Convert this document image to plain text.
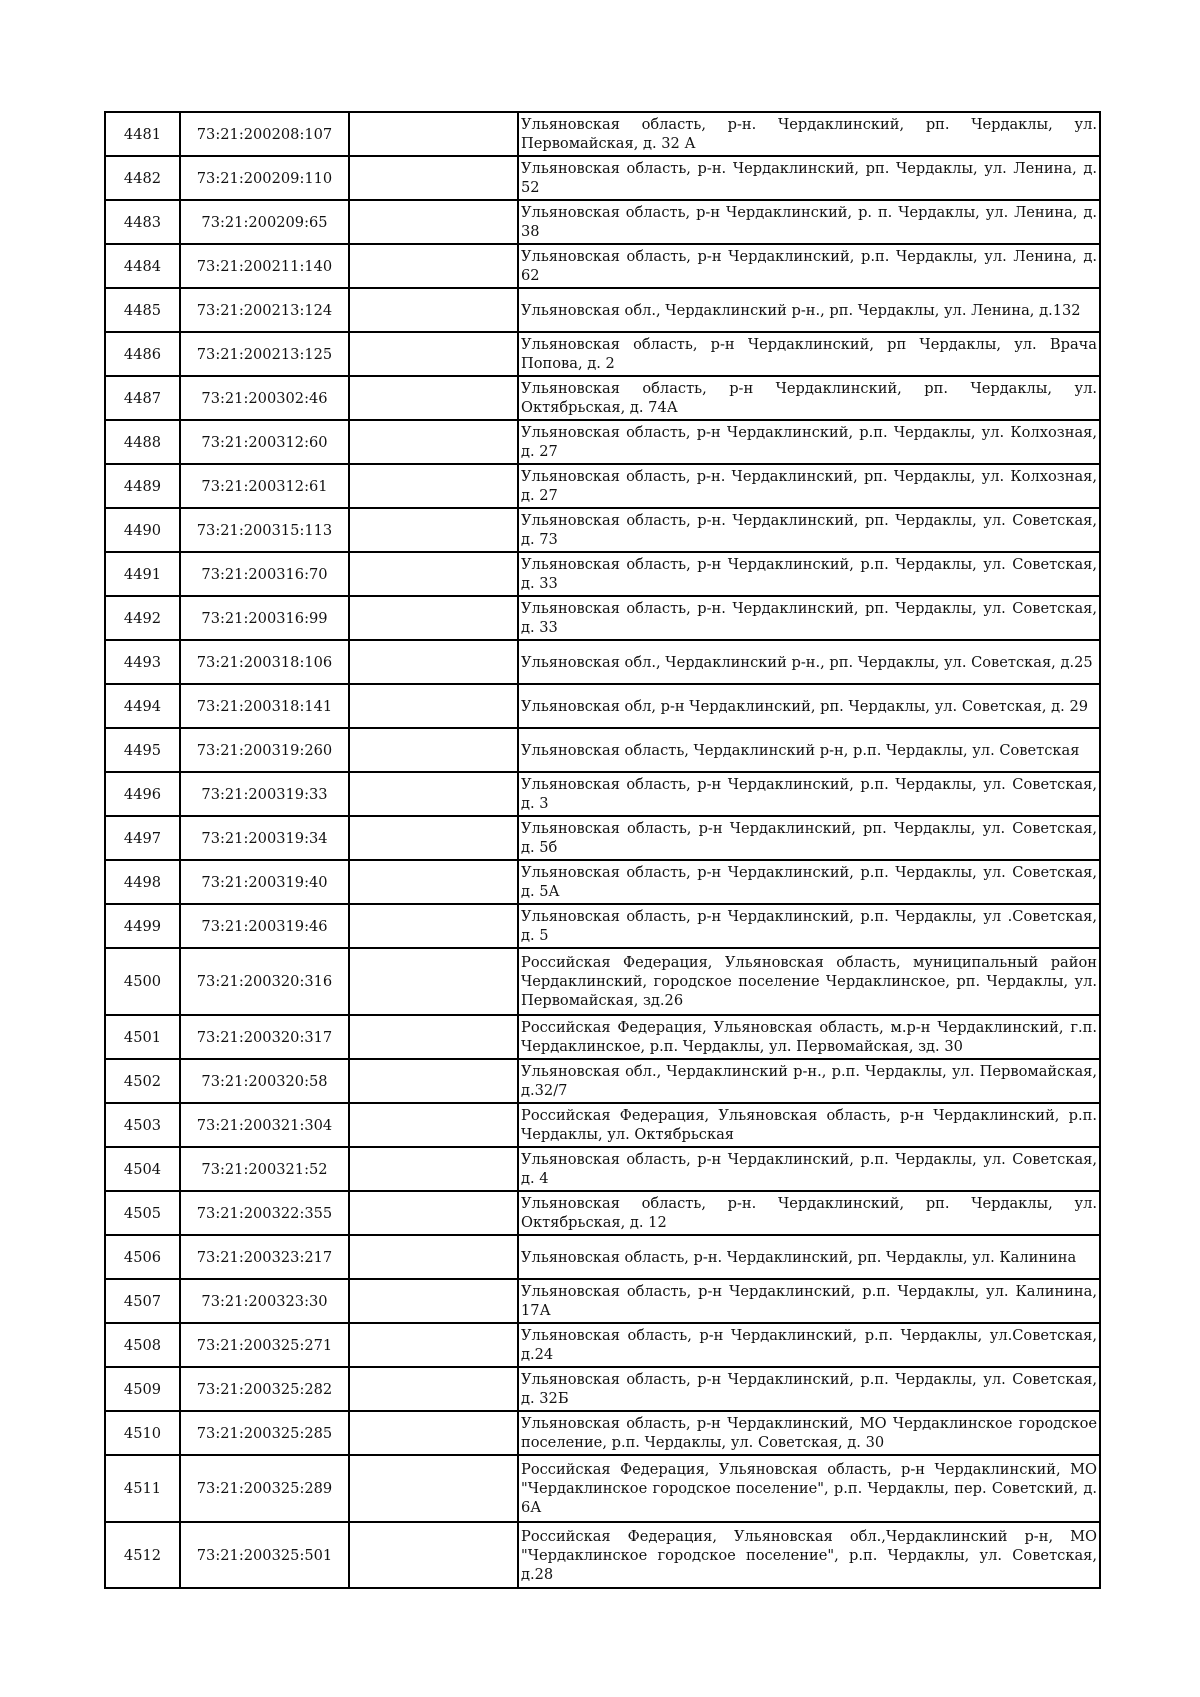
4481	73:21:200208:107		Ульяновская область, р-н. Чердаклинский, рп. Чердаклы, ул. Первомайская, д. 32 А
4482	73:21:200209:110		Ульяновская область, р-н. Чердаклинский, рп. Чердаклы, ул. Ленина, д. 52
4483	73:21:200209:65		Ульяновская область, р-н Чердаклинский, р. п. Чердаклы, ул. Ленина, д. 38
4484	73:21:200211:140		Ульяновская область, р-н Чердаклинский, р.п. Чердаклы, ул. Ленина, д. 62
4485	73:21:200213:124		Ульяновская обл., Чердаклинский р-н., рп. Чердаклы, ул. Ленина, д.132
4486	73:21:200213:125		Ульяновская область, р-н Чердаклинский, рп Чердаклы, ул. Врача Попова, д. 2
4487	73:21:200302:46		Ульяновская область, р-н Чердаклинский, рп. Чердаклы, ул. Октябрьская, д. 74А
4488	73:21:200312:60		Ульяновская область, р-н Чердаклинский, р.п. Чердаклы, ул. Колхозная, д. 27
4489	73:21:200312:61		Ульяновская область, р-н. Чердаклинский, рп. Чердаклы, ул. Колхозная, д. 27
4490	73:21:200315:113		Ульяновская область, р-н. Чердаклинский, рп. Чердаклы, ул. Советская, д. 73
4491	73:21:200316:70		Ульяновская область, р-н Чердаклинский, р.п. Чердаклы, ул. Советская, д. 33
4492	73:21:200316:99		Ульяновская область, р-н. Чердаклинский, рп. Чердаклы, ул. Советская, д. 33
4493	73:21:200318:106		Ульяновская обл., Чердаклинский р-н., рп. Чердаклы, ул. Советская, д.25
4494	73:21:200318:141		Ульяновская обл, р-н Чердаклинский, рп. Чердаклы, ул. Советская, д. 29
4495	73:21:200319:260		Ульяновская область, Чердаклинский р-н, р.п. Чердаклы, ул. Советская
4496	73:21:200319:33		Ульяновская область, р-н Чердаклинский, р.п. Чердаклы, ул. Советская, д. 3
4497	73:21:200319:34		Ульяновская область, р-н Чердаклинский, рп. Чердаклы, ул. Советская, д. 5б
4498	73:21:200319:40		Ульяновская область, р-н Чердаклинский, р.п. Чердаклы, ул. Советская, д. 5А
4499	73:21:200319:46		Ульяновская область, р-н Чердаклинский, р.п. Чердаклы, ул .Советская, д. 5
4500	73:21:200320:316		Российская Федерация, Ульяновская область, муниципальный район Чердаклинский, городское поселение Чердаклинское, рп. Чердаклы, ул. Первомайская, зд.26
4501	73:21:200320:317		Российская Федерация, Ульяновская область, м.р-н Чердаклинский, г.п. Чердаклинское, р.п. Чердаклы, ул. Первомайская, зд. 30
4502	73:21:200320:58		Ульяновская обл., Чердаклинский р-н., р.п. Чердаклы, ул. Первомайская, д.32/7
4503	73:21:200321:304		Российская Федерация, Ульяновская область, р-н Чердаклинский, р.п. Чердаклы, ул. Октябрьская
4504	73:21:200321:52		Ульяновская область, р-н Чердаклинский, р.п. Чердаклы, ул. Советская, д. 4
4505	73:21:200322:355		Ульяновская область, р-н. Чердаклинский, рп. Чердаклы, ул. Октябрьская, д. 12
4506	73:21:200323:217		Ульяновская область, р-н. Чердаклинский, рп. Чердаклы, ул. Калинина
4507	73:21:200323:30		Ульяновская область, р-н Чердаклинский, р.п. Чердаклы, ул. Калинина, 17А
4508	73:21:200325:271		Ульяновская область, р-н Чердаклинский, р.п. Чердаклы, ул.Советская, д.24
4509	73:21:200325:282		Ульяновская область, р-н Чердаклинский, р.п. Чердаклы, ул. Советская, д. 32Б
4510	73:21:200325:285		Ульяновская область, р-н Чердаклинский, МО Чердаклинское городское поселение, р.п. Чердаклы, ул. Советская, д. 30
4511	73:21:200325:289		Российская Федерация, Ульяновская область, р-н Чердаклинский, МО "Чердаклинское городское поселение", р.п. Чердаклы, пер. Советский, д. 6А
4512	73:21:200325:501		Российская Федерация, Ульяновская обл.,Чердаклинский р-н, МО "Чердаклинское городское поселение", р.п. Чердаклы, ул. Советская, д.28
